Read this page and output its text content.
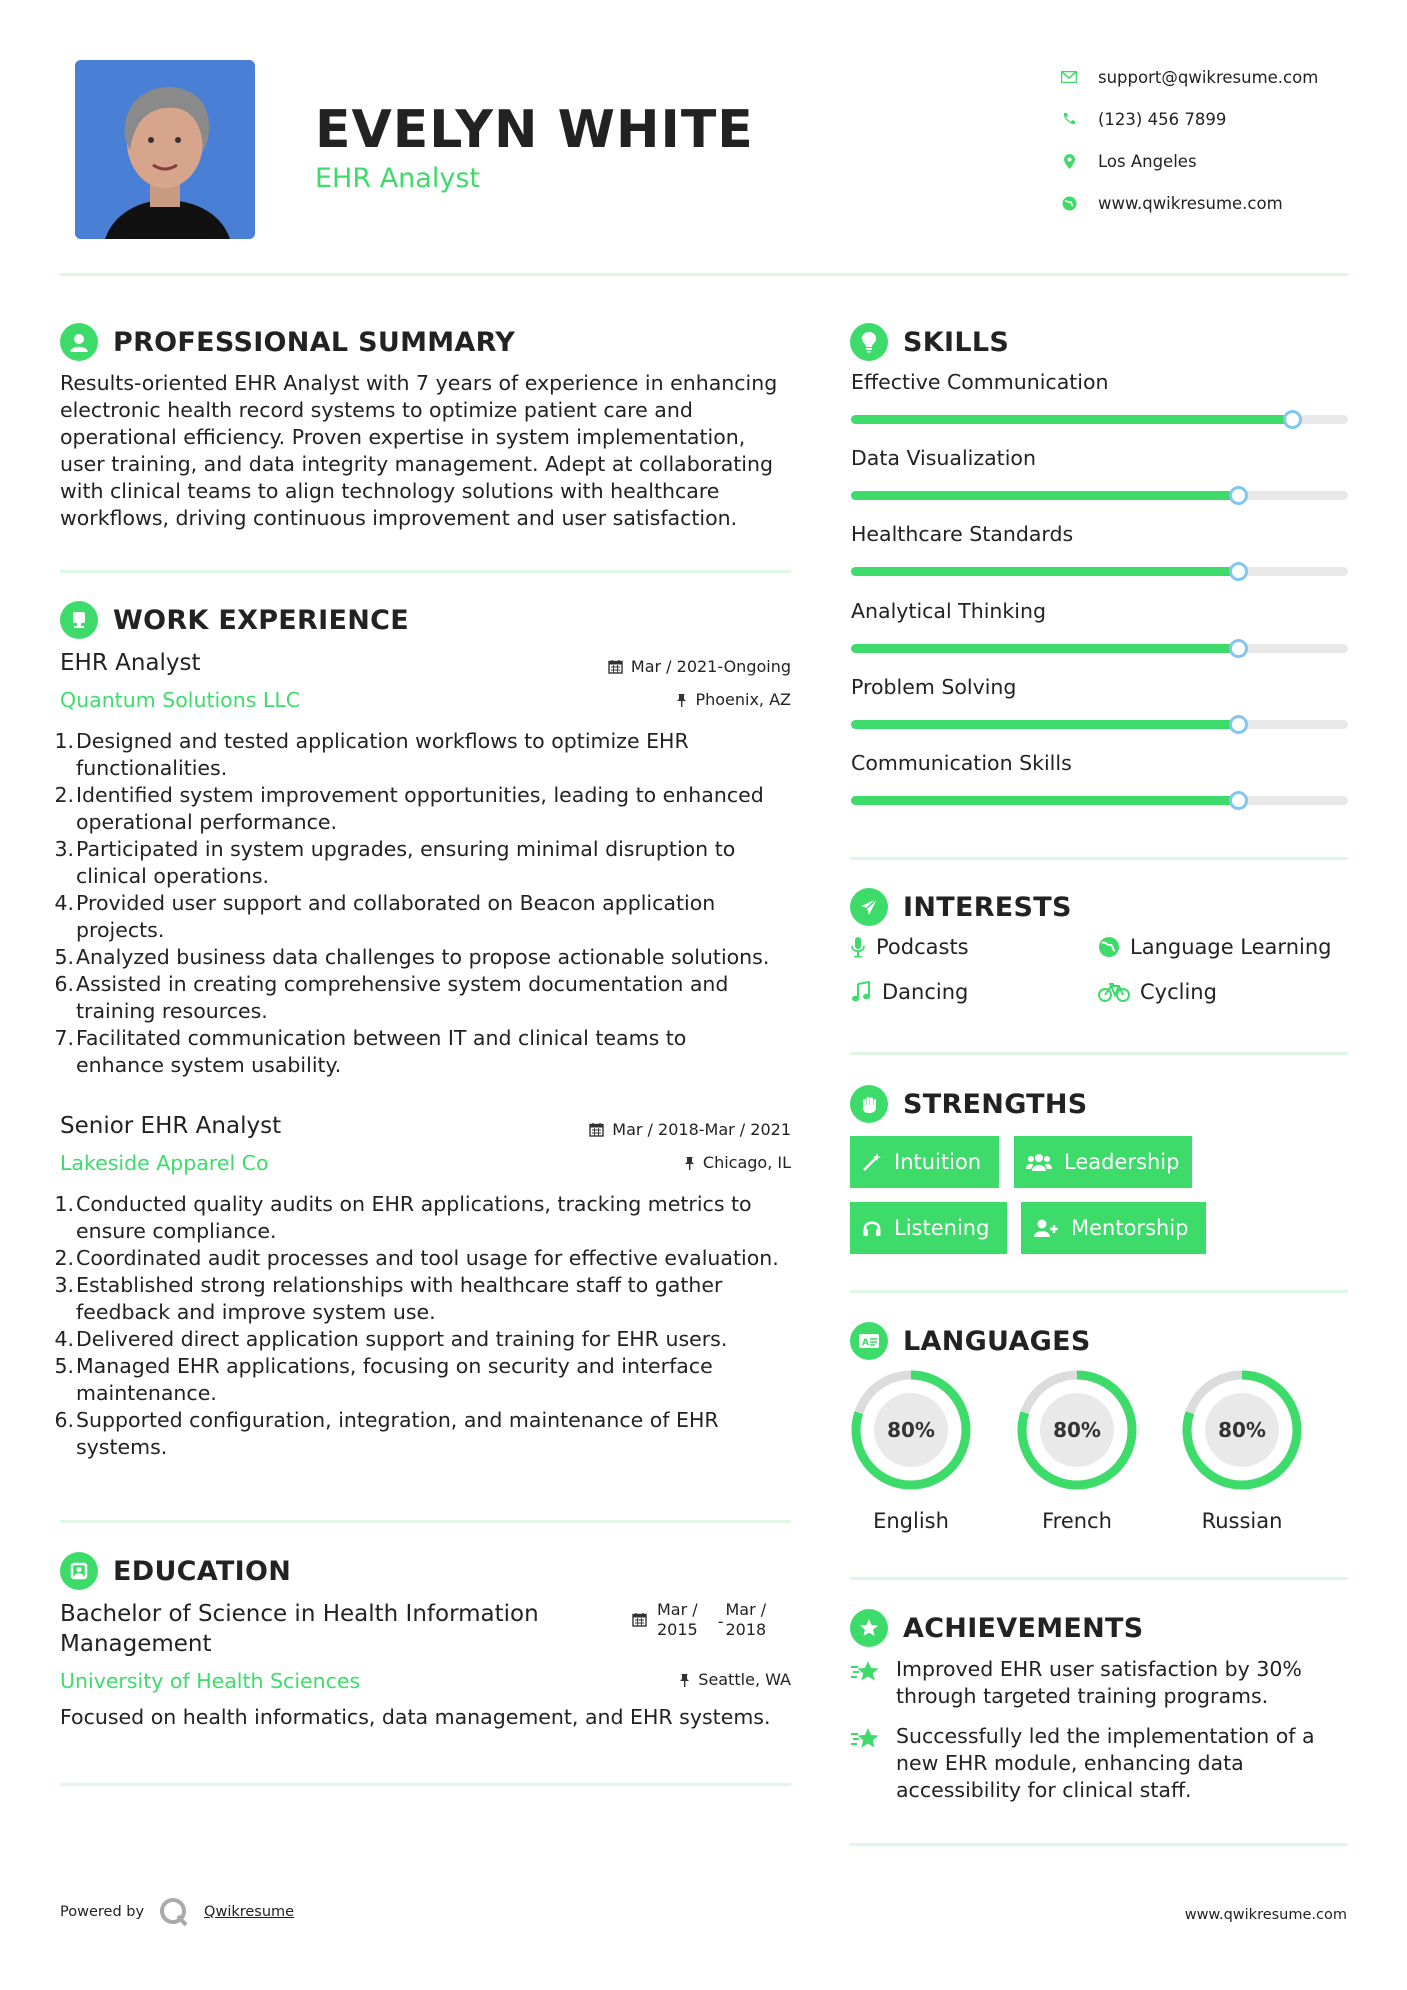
EVELYN WHITE
EHR Analyst
support@qwikresume.com
(123) 456 7899
Los Angeles
www.qwikresume.com
PROFESSIONAL SUMMARY
Results-oriented EHR Analyst with 7 years of experience in enhancing
electronic health record systems to optimize patient care and
operational efficiency. Proven expertise in system implementation,
user training, and data integrity management. Adept at collaborating
with clinical teams to align technology solutions with healthcare
workflows, driving continuous improvement and user satisfaction.
WORK EXPERIENCE
EHR Analyst
Quantum Solutions LLC
Mar / 2021-Ongoing
Phoenix, AZ
1. Designed and tested application workflows to optimize EHR
functionalities.
2. Identified system improvement opportunities, leading to enhanced
operational performance.
3. Participated in system upgrades, ensuring minimal disruption to
clinical operations.
4. Provided user support and collaborated on Beacon application
projects.
5. Analyzed business data challenges to propose actionable solutions.
6. Assisted in creating comprehensive system documentation and
training resources.
7. Facilitated communication between IT and clinical teams to
enhance system usability.
Senior EHR Analyst
Lakeside Apparel Co
Mar / 2018-Mar / 2021
Chicago, IL
1. Conducted quality audits on EHR applications, tracking metrics to
ensure compliance.
2. Coordinated audit processes and tool usage for effective evaluation.
3. Established strong relationships with healthcare staff to gather
feedback and improve system use.
4. Delivered direct application support and training for EHR users.
5. Managed EHR applications, focusing on security and interface
maintenance.
6. Supported configuration, integration, and maintenance of EHR
systems.
EDUCATION
Bachelor of Science in Health Information
Management
University of Health Sciences
Mar /
2015 -
Mar /
2018
Seattle, WA
Focused on health informatics, data management, and EHR systems.
SKILLS
Effective Communication
Data Visualization
Healthcare Standards
Analytical Thinking
Problem Solving
Communication Skills
INTERESTS
Podcasts	Language Learning
Dancing	Cycling
STRENGTHS
Intuition	Leadership
Listening	Mentorship
A LANGUAGES
80%
English
80%
French
80%
Russian
ACHIEVEMENTS
Improved EHR user satisfaction by 30%
through targeted training programs.
Successfully led the implementation of a
new EHR module, enhancing data
accessibility for clinical staff.
Powered by	Qwikresume	www.qwikresume.com
